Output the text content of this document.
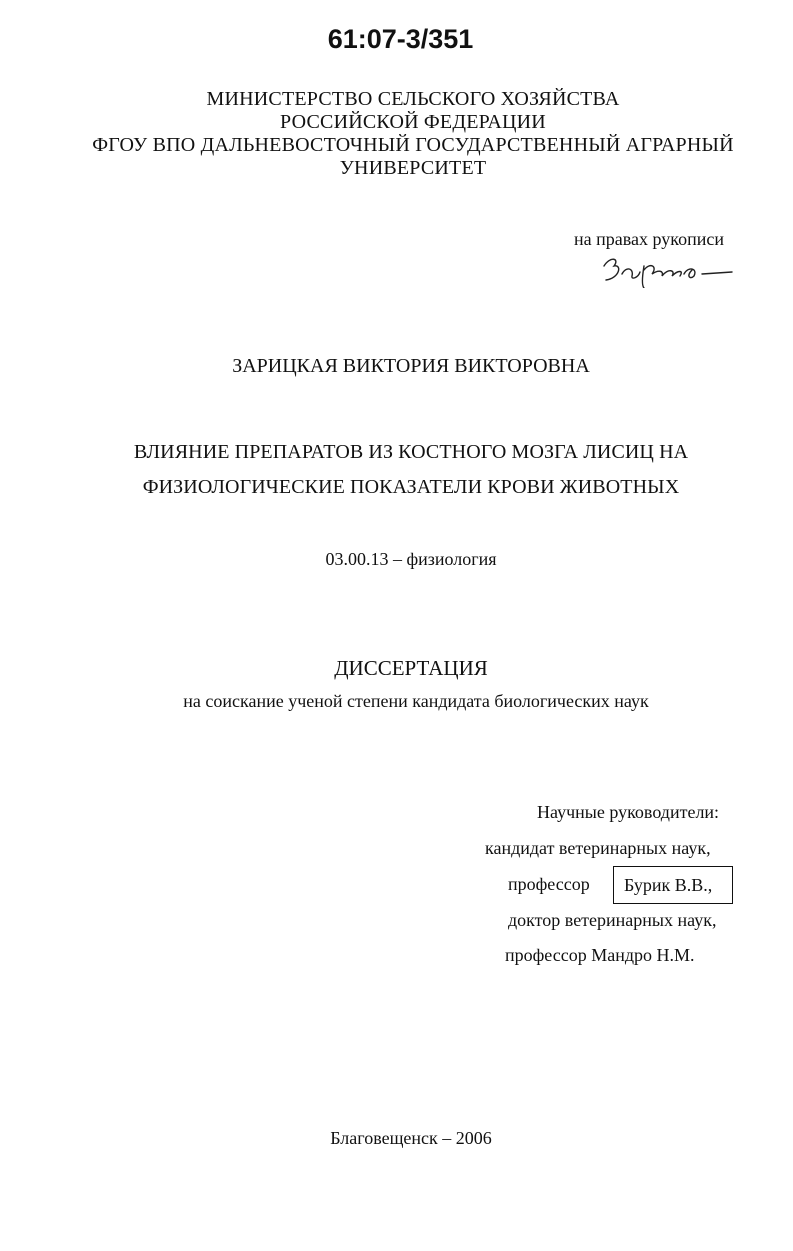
61:07-3/351
МИНИСТЕРСТВО СЕЛЬСКОГО ХОЗЯЙСТВА
РОССИЙСКОЙ ФЕДЕРАЦИИ
ФГОУ ВПО ДАЛЬНЕВОСТОЧНЫЙ ГОСУДАРСТВЕННЫЙ АГРАРНЫЙ
УНИВЕРСИТЕТ
на правах рукописи
ЗАРИЦКАЯ ВИКТОРИЯ ВИКТОРОВНА
ВЛИЯНИЕ ПРЕПАРАТОВ ИЗ КОСТНОГО МОЗГА ЛИСИЦ НА
ФИЗИОЛОГИЧЕСКИЕ ПОКАЗАТЕЛИ КРОВИ ЖИВОТНЫХ
03.00.13 – физиология
ДИССЕРТАЦИЯ
на соискание ученой степени кандидата биологических наук
Научные руководители:
кандидат ветеринарных наук,
профессор	Бурик В.В.,
доктор ветеринарных наук,
профессор Мандро Н.М.
Благовещенск – 2006
